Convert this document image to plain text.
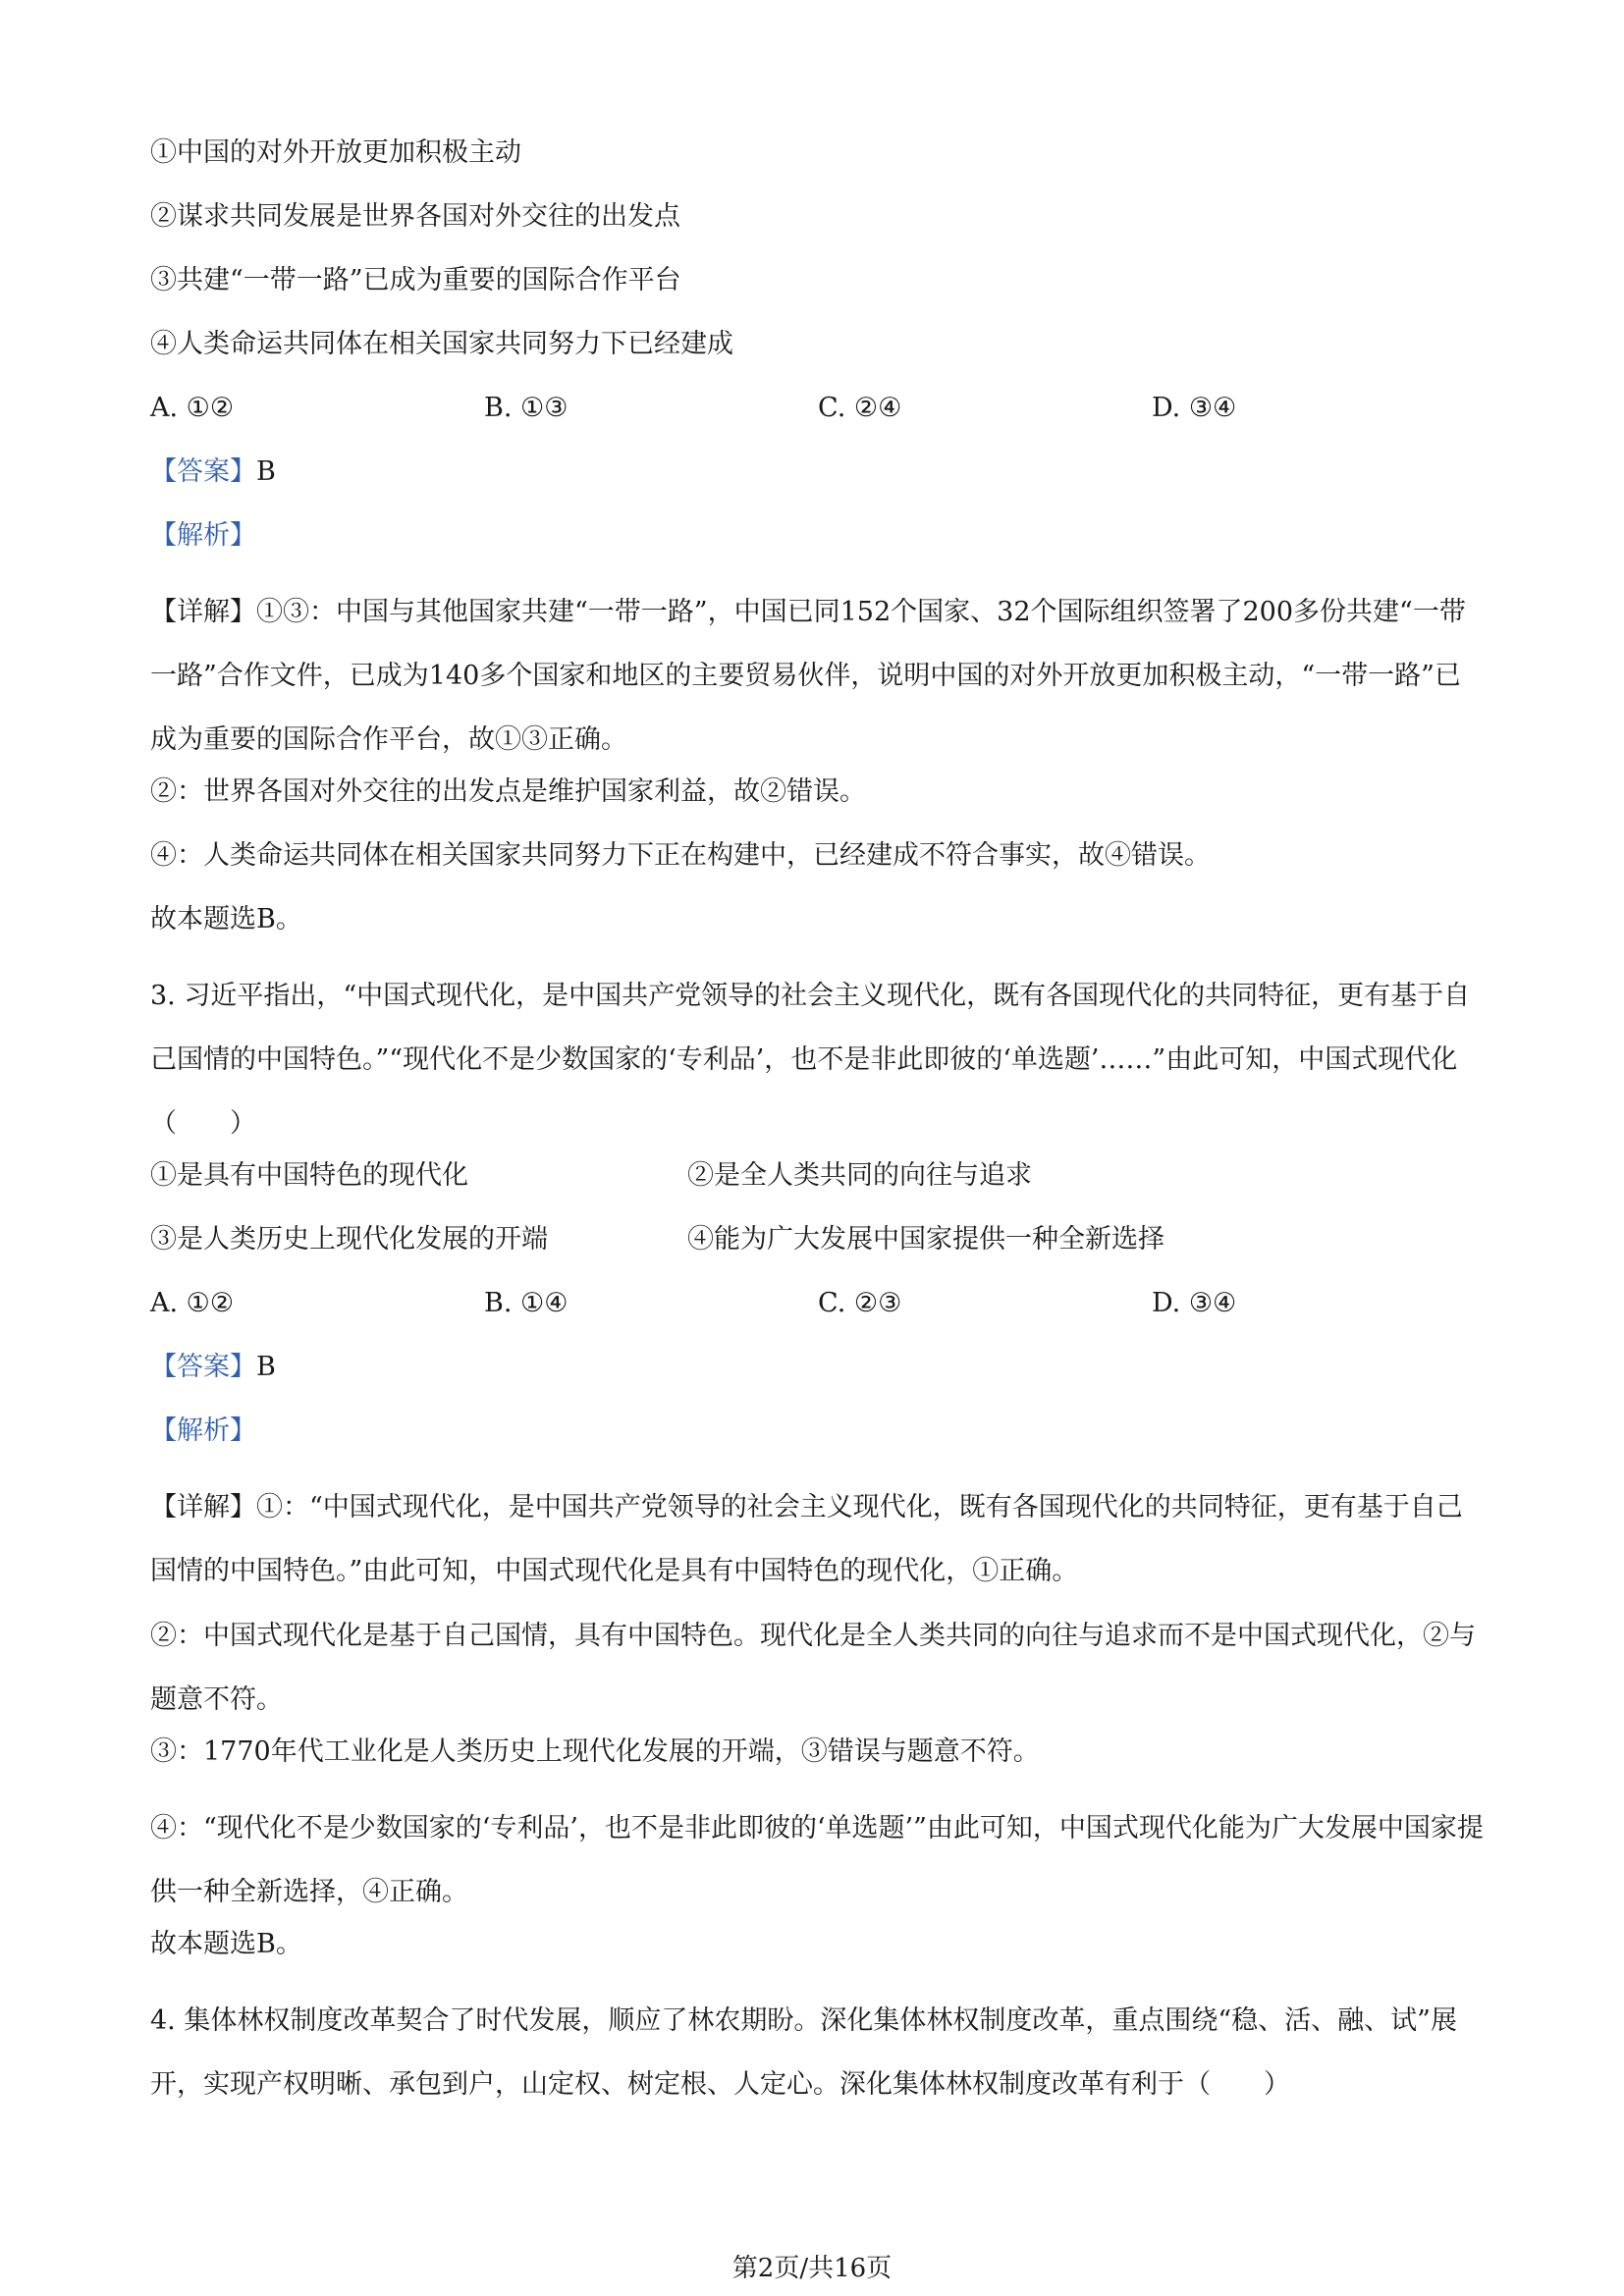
①中国的对外开放更加积极主动
②谋求共同发展是世界各国对外交往的出发点
③共建“一带一路”已成为重要的国际合作平台
④人类命运共同体在相关国家共同努力下已经建成
A. ①②	B. ①③	C. ②④	D. ③④
【答案】B
【解析】
【详解】①③：中国与其他国家共建“一带一路”，中国已同152个国家、32个国际组织签署了200多份共建“一带一路”合作文件，已成为140多个国家和地区的主要贸易伙伴，说明中国的对外开放更加积极主动，“一带一路”已成为重要的国际合作平台，故①③正确。
②：世界各国对外交往的出发点是维护国家利益，故②错误。
④：人类命运共同体在相关国家共同努力下正在构建中，已经建成不符合事实，故④错误。
故本题选B。
3. 习近平指出，“中国式现代化，是中国共产党领导的社会主义现代化，既有各国现代化的共同特征，更有基于自己国情的中国特色。”“现代化不是少数国家的‘专利品’，也不是非此即彼的‘单选题’……”由此可知，中国式现代化（　　）
①是具有中国特色的现代化	②是全人类共同的向往与追求
③是人类历史上现代化发展的开端	④能为广大发展中国家提供一种全新选择
A. ①②	B. ①④	C. ②③	D. ③④
【答案】B
【解析】
【详解】①：“中国式现代化，是中国共产党领导的社会主义现代化，既有各国现代化的共同特征，更有基于自己国情的中国特色。”由此可知，中国式现代化是具有中国特色的现代化，①正确。
②：中国式现代化是基于自己国情，具有中国特色。现代化是全人类共同的向往与追求而不是中国式现代化，②与题意不符。
③：1770年代工业化是人类历史上现代化发展的开端，③错误与题意不符。
④：“现代化不是少数国家的‘专利品’，也不是非此即彼的‘单选题’”由此可知，中国式现代化能为广大发展中国家提供一种全新选择，④正确。
故本题选B。
4. 集体林权制度改革契合了时代发展，顺应了林农期盼。深化集体林权制度改革，重点围绕“稳、活、融、试”展开，实现产权明晰、承包到户，山定权、树定根、人定心。深化集体林权制度改革有利于（　　）
第2页/共16页
